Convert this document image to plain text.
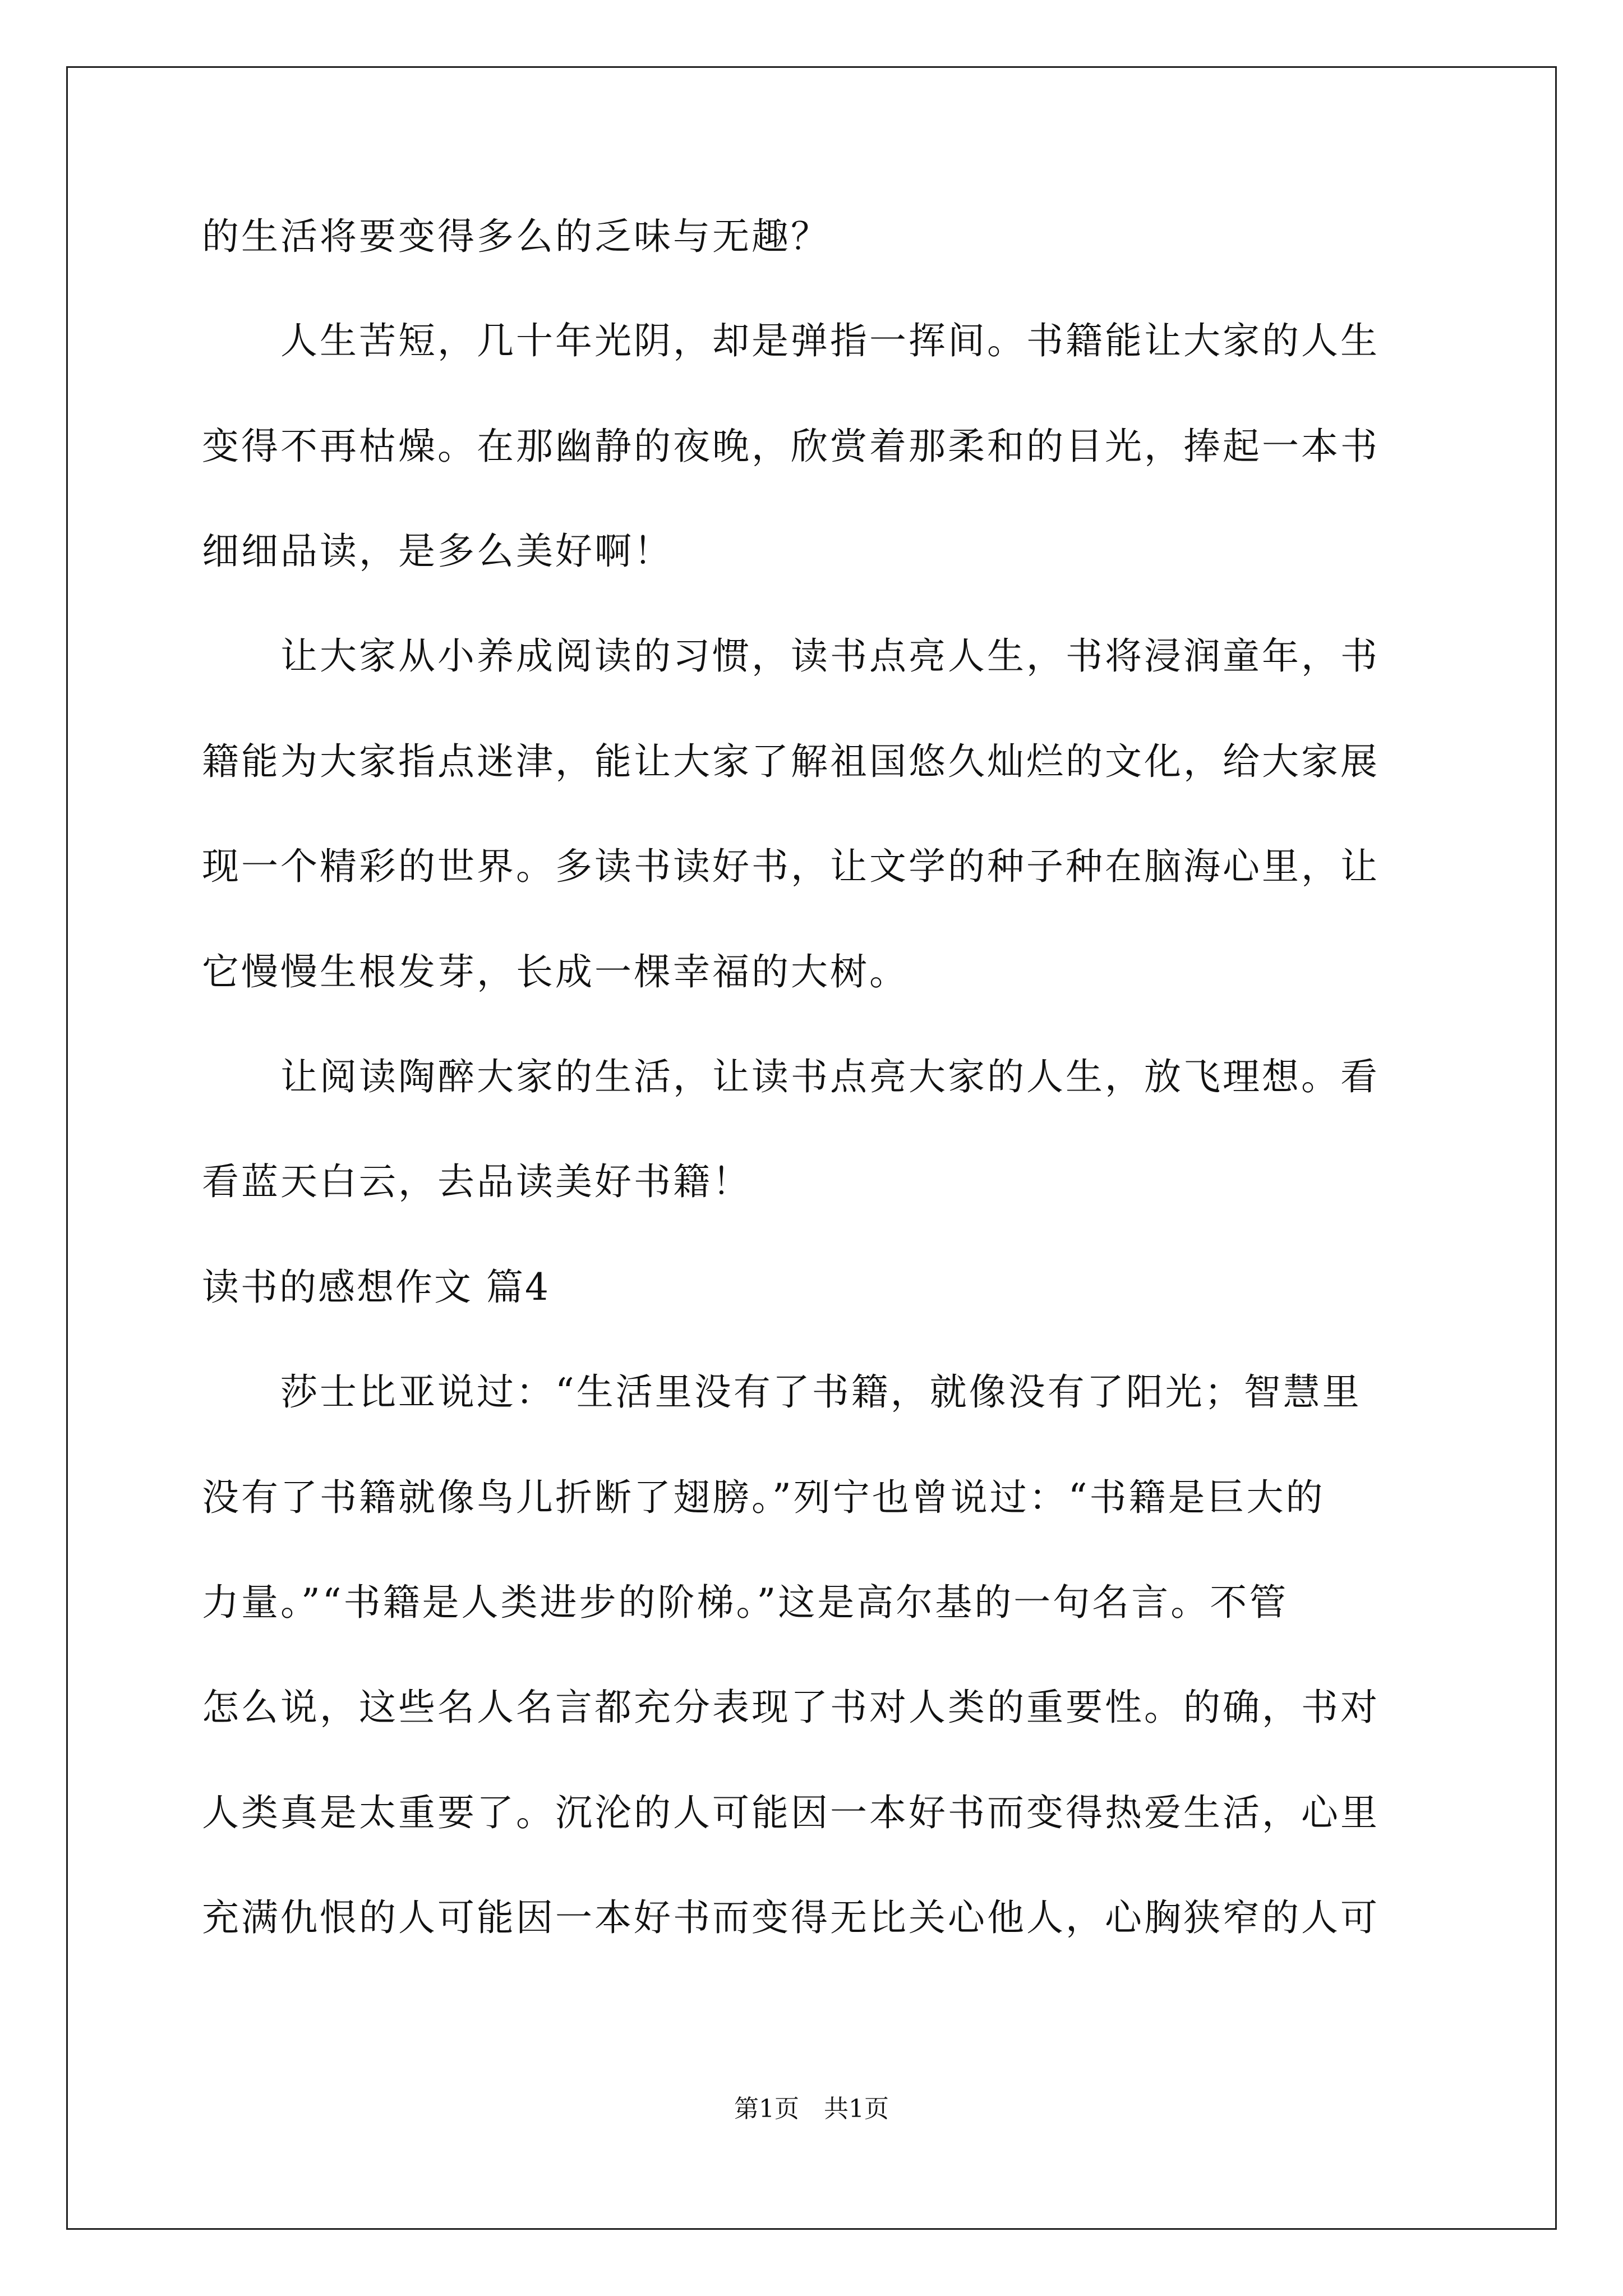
的生活将要变得多么的乏味与无趣？
人生苦短，几十年光阴，却是弹指一挥间。书籍能让大家的人生
变得不再枯燥。在那幽静的夜晚，欣赏着那柔和的目光，捧起一本书
细细品读，是多么美好啊！
让大家从小养成阅读的习惯，读书点亮人生，书将浸润童年，书
籍能为大家指点迷津，能让大家了解祖国悠久灿烂的文化，给大家展
现一个精彩的世界。多读书读好书，让文学的种子种在脑海心里，让
它慢慢生根发芽，长成一棵幸福的大树。
让阅读陶醉大家的生活，让读书点亮大家的人生，放飞理想。看
看蓝天白云，去品读美好书籍！
读书的感想作文 篇4
莎士比亚说过：“生活里没有了书籍，就像没有了阳光；智慧里
没有了书籍就像鸟儿折断了翅膀。”列宁也曾说过：“书籍是巨大的
力量。”“书籍是人类进步的阶梯。”这是高尔基的一句名言。不管
怎么说，这些名人名言都充分表现了书对人类的重要性。的确，书对
人类真是太重要了。沉沦的人可能因一本好书而变得热爱生活，心里
充满仇恨的人可能因一本好书而变得无比关心他人，心胸狭窄的人可
第1页　共1页
